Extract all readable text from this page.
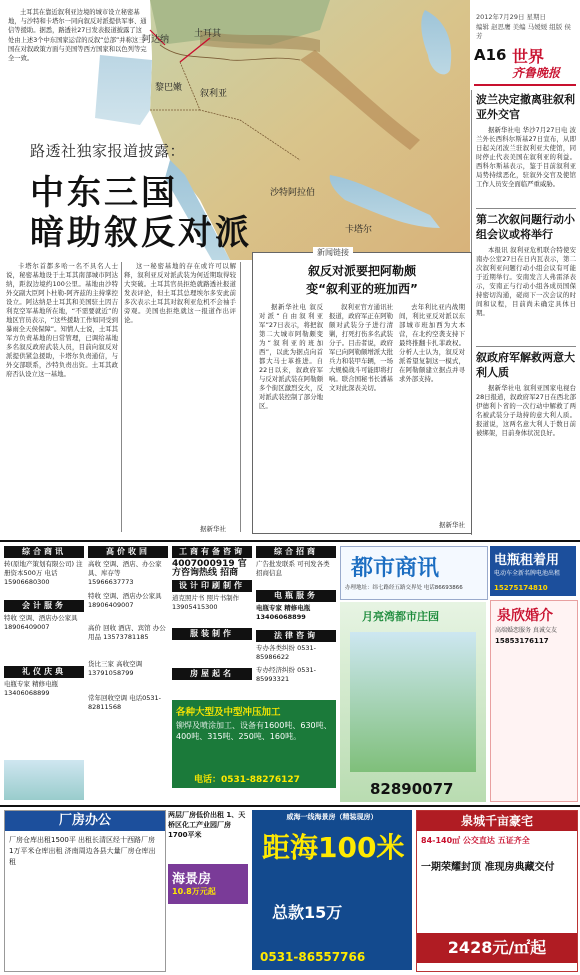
土耳其在靠近叙利亚边境的城市设立秘密基地，与沙特和卡塔尔一同向叙反对派提供军事、通信等援助。据悉，路透社27日发表报道披露了这处由上述3个中东国家运营的反叙“总部”并称这三国在对叙政策方面与美国等西方国家和以色列等完全一致。
土耳其
阿达纳
叙利亚
黎巴嫩
沙特阿拉伯
卡塔尔
路透社独家报道披露：
中东三国
暗助叙反对派
2012年7月29日 星期日
编辑 赵思鹰 美编 马媛媛 组版 侯芳
A16 世界
齐鲁晚报
波兰决定撤离驻叙利亚外交官
据新华社电 华沙7月27日电 波兰外长西科尔斯基27日宣布，从即日起关闭波兰驻叙利亚大使馆，同时停止代表美国在叙利亚的利益。西科尔斯基表示，鉴于目前叙利亚局势持续恶化，驻叙外交官及使馆工作人员安全面临严重威胁。
第二次叙问题行动小组会议或将举行
本报讯 叙利亚危机联合特使安南办公室27日在日内瓦表示，第二次叙利亚问题行动小组会议有可能于近期举行。安南发言人弗雷泽表示，安南正与行动小组各成员国保持密切沟通，磋商下一次会议的时间和议程，目前尚未确定具体日期。
叙政府军解救两意大利人质
据新华社电 叙利亚国家电视台28日报道，叙政府军27日在西北部伊德利卜省的一次行动中解救了两名被武装分子劫持的意大利人质。报道说，这两名意大利人于数日前被绑架，目前身体状况良好。
卡塔尔首都多哈一名不具名人士说，秘密基地设于土耳其南部城市阿达纳，距叙边境约100公里。基地由沙特外交副大臣阿卜杜勒-阿齐兹的主持掌控设立。阿达纳是土耳其和美国驻土因吉利克空军基地所在地，“不需要就近”的地区官员表示，“这些援助工作如同受到暴雨全天侯保障”。知情人士说，土耳其军方负责基地的日常管理，已调给基地多名叙反政府武装人员，目前向叙反对派提供紧急援助，卡塔尔负责通信，与外交部联系，沙特负责出资。土耳其政府否认设立这一基地。
这一秘密基地的存在或许可以解释，叙利亚反对派武装为何近期取得较大突破。土耳其官员拒绝就路透社报道发表评论，但土耳其总理埃尔多安此前多次表示土耳其对叙利亚危机不会袖手旁观。美国也拒绝就这一报道作出评论。
据新华社
新闻链接
叙反对派要把阿勒颇
变“叙利亚的班加西”
据新华社电 叙反对派“自由叙利亚军”27日表示，将把叙第二大城市阿勒颇变为“叙利亚的班加西”，以此为据点向首都大马士革推进。自22日以来，叙政府军与反对派武装在阿勒颇多个街区激烈交火，反对派武装控制了部分地区。
叙利亚官方通讯社报道，政府军正在阿勒颇对武装分子进行清剿，打死打伤多名武装分子。目击者说，政府军已向阿勒颇增派大批兵力和装甲车辆，一场大规模战斗可能即将打响。联合国秘书长潘基文对此深表关切。
去年利比亚内战期间，利比亚反对派以东部城市班加西为大本营，在北约空袭支持下最终推翻卡扎菲政权。分析人士认为，叙反对派希望复制这一模式，在阿勒颇建立据点并寻求外部支持。
据新华社
综合商讯
转(原地产策划有限公司) 注册资本500万 电话15906680300
会计服务
特收 空调、酒店办公家具 18906409007
礼仪庆典
电瓶专家 精修电瓶 13406068899
高价收回
高收 空调、酒店、办公家具、库存等 15966637773
特收 空调、酒店办公家具 18906409007
高价 回收 酒店、宾馆 办公用品 13573781185
货比三家 高收空调 13791058799
常年回收空调 电话0531-82811568
工商有备咨询
4007000919 官方咨询热线 招商
设计印刷制作
道克照片书 照片书制作 13905415300
服装制作
房屋起名
综合招商
广告批发联系 可刊发各类招商信息
电瓶服务
电瓶专家 精修电瓶 13406068899
法律咨询
专办各类纠纷 0531-85986622
专办经济纠纷 0531-85993321
都市商讯
办理地址：纬七路经五路交界处 电话86693866
月亮湾都市庄园
82890077
电瓶租着用
电动车全新名牌电池出租
15275174810
泉欣婚介
高端婚恋服务 真诚交友
15853176117
各种大型及中型冲压加工
铆焊及喷涂加工、设备有1600吨、630吨、400吨、315吨、250吨、160吨。
电话：0531-88276127
厂房办公
厂房仓库出租1500平 出租长清区经十西路厂房 1万平米仓库出租 济南周边各县大量厂房仓库出租
两层厂房低价出租 1、天桥区化工产业园厂房1700平米
海景房
10.8万元起
威海一线海景房（精装现房）
距海100米
总款15万
0531-86557766
泉城千亩豪宅
84-140㎡ 公交直达 五证齐全
一期荣耀封顶 准现房典藏交付
2428元/㎡起
